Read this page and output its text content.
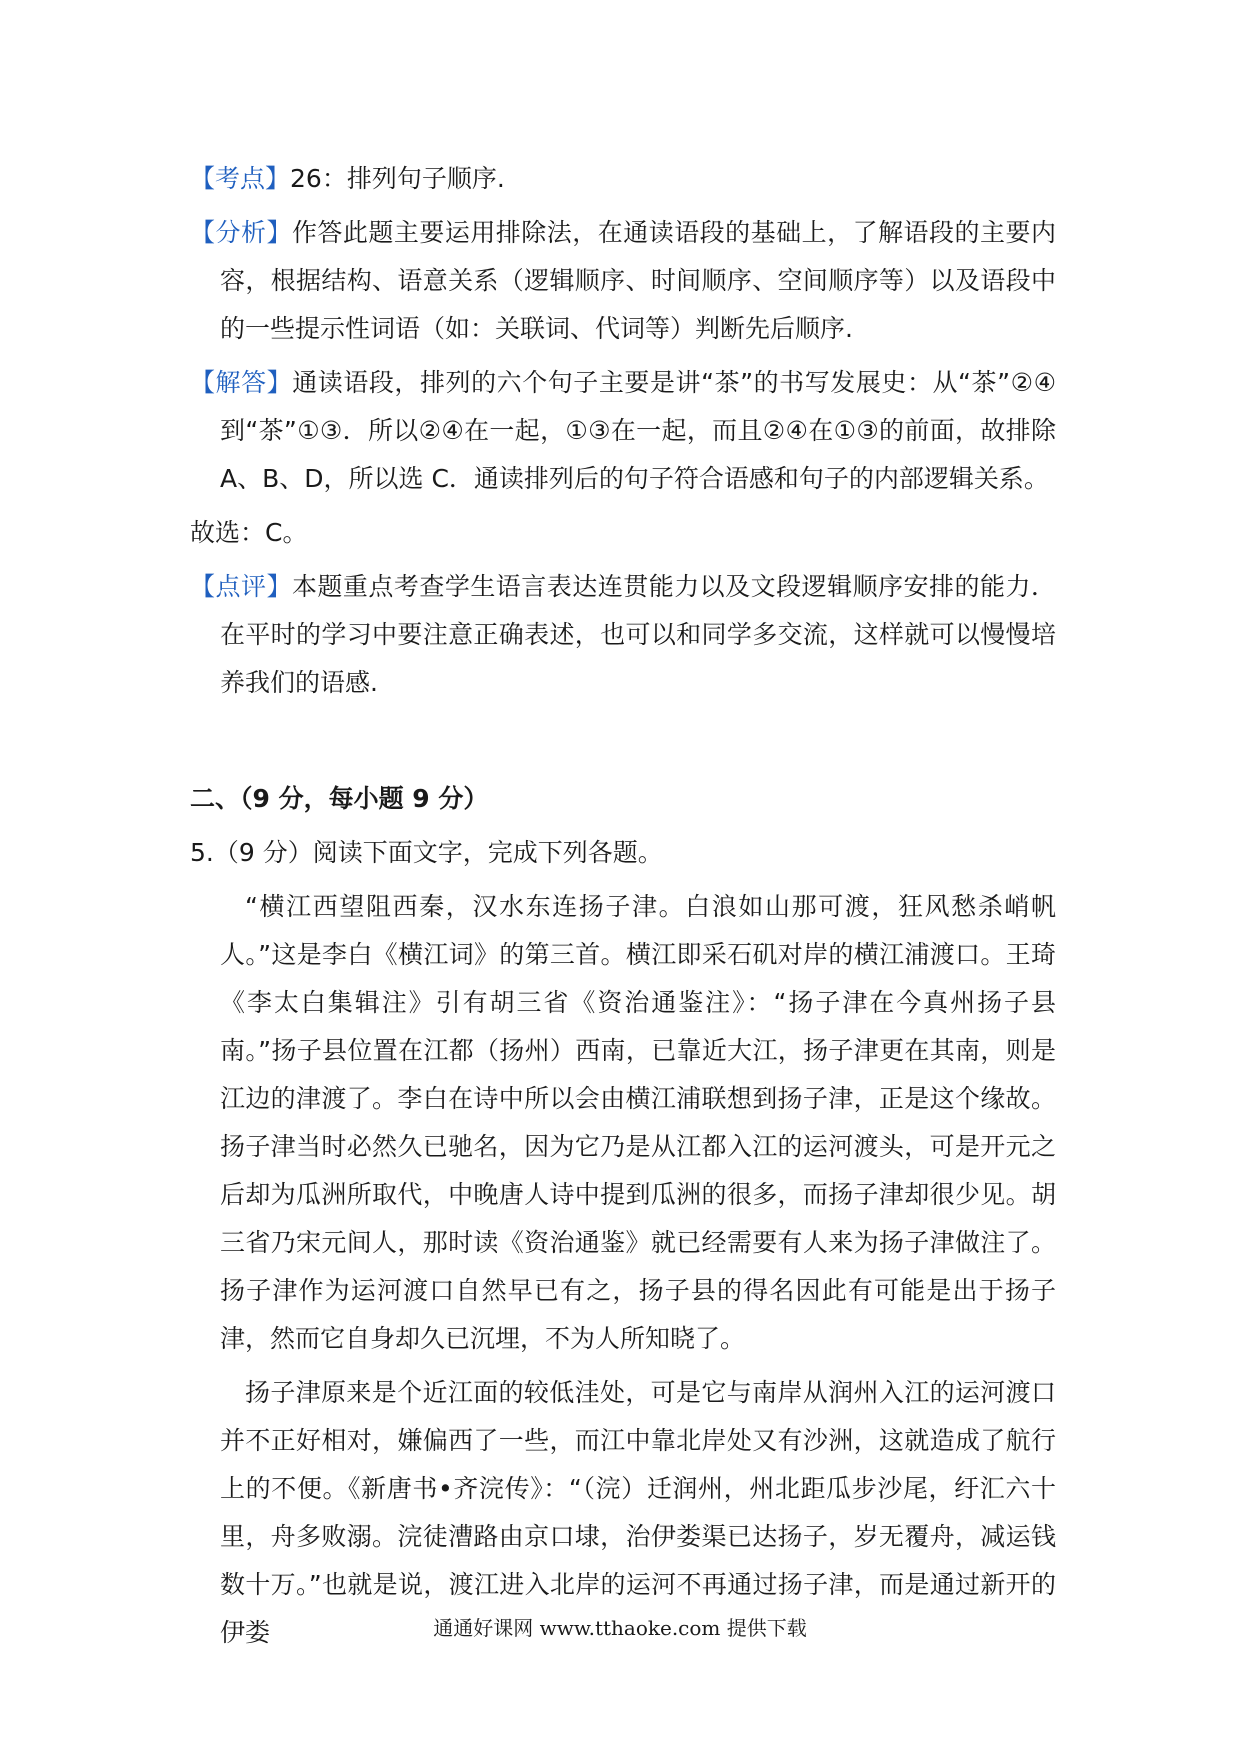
【考点】26：排列句子顺序.

【分析】作答此题主要运用排除法，在通读语段的基础上，了解语段的主要内容，根据结构、语意关系（逻辑顺序、时间顺序、空间顺序等）以及语段中的一些提示性词语（如：关联词、代词等）判断先后顺序.

【解答】通读语段，排列的六个句子主要是讲“茶”的书写发展史：从“茶”②④到“茶”①③．所以②④在一起，①③在一起，而且②④在①③的前面，故排除 A、B、D，所以选 C．通读排列后的句子符合语感和句子的内部逻辑关系。

故选：C。

【点评】本题重点考查学生语言表达连贯能力以及文段逻辑顺序安排的能力．在平时的学习中要注意正确表述，也可以和同学多交流，这样就可以慢慢培养我们的语感.

二、（9 分，每小题 9 分）

5.（9 分）阅读下面文字，完成下列各题。

“横江西望阻西秦，汉水东连扬子津。白浪如山那可渡，狂风愁杀峭帆人。”这是李白《横江词》的第三首。横江即采石矶对岸的横江浦渡口。王琦《李太白集辑注》引有胡三省《资治通鉴注》：“扬子津在今真州扬子县南。”扬子县位置在江都（扬州）西南，已靠近大江，扬子津更在其南，则是江边的津渡了。李白在诗中所以会由横江浦联想到扬子津，正是这个缘故。扬子津当时必然久已驰名，因为它乃是从江都入江的运河渡头，可是开元之后却为瓜洲所取代，中晚唐人诗中提到瓜洲的很多，而扬子津却很少见。胡三省乃宋元间人，那时读《资治通鉴》就已经需要有人来为扬子津做注了。扬子津作为运河渡口自然早已有之，扬子县的得名因此有可能是出于扬子津，然而它自身却久已沉埋，不为人所知晓了。

扬子津原来是个近江面的较低洼处，可是它与南岸从润州入江的运河渡口并不正好相对，嫌偏西了一些，而江中靠北岸处又有沙洲，这就造成了航行上的不便。《新唐书•齐浣传》：“（浣）迁润州，州北距瓜步沙尾，纡汇六十里，舟多败溺。浣徒漕路由京口埭，治伊娄渠已达扬子，岁无覆舟，减运钱数十万。”也就是说，渡江进入北岸的运河不再通过扬子津，而是通过新开的伊娄	通通好课网 www.tthaoke.com 提供下载
